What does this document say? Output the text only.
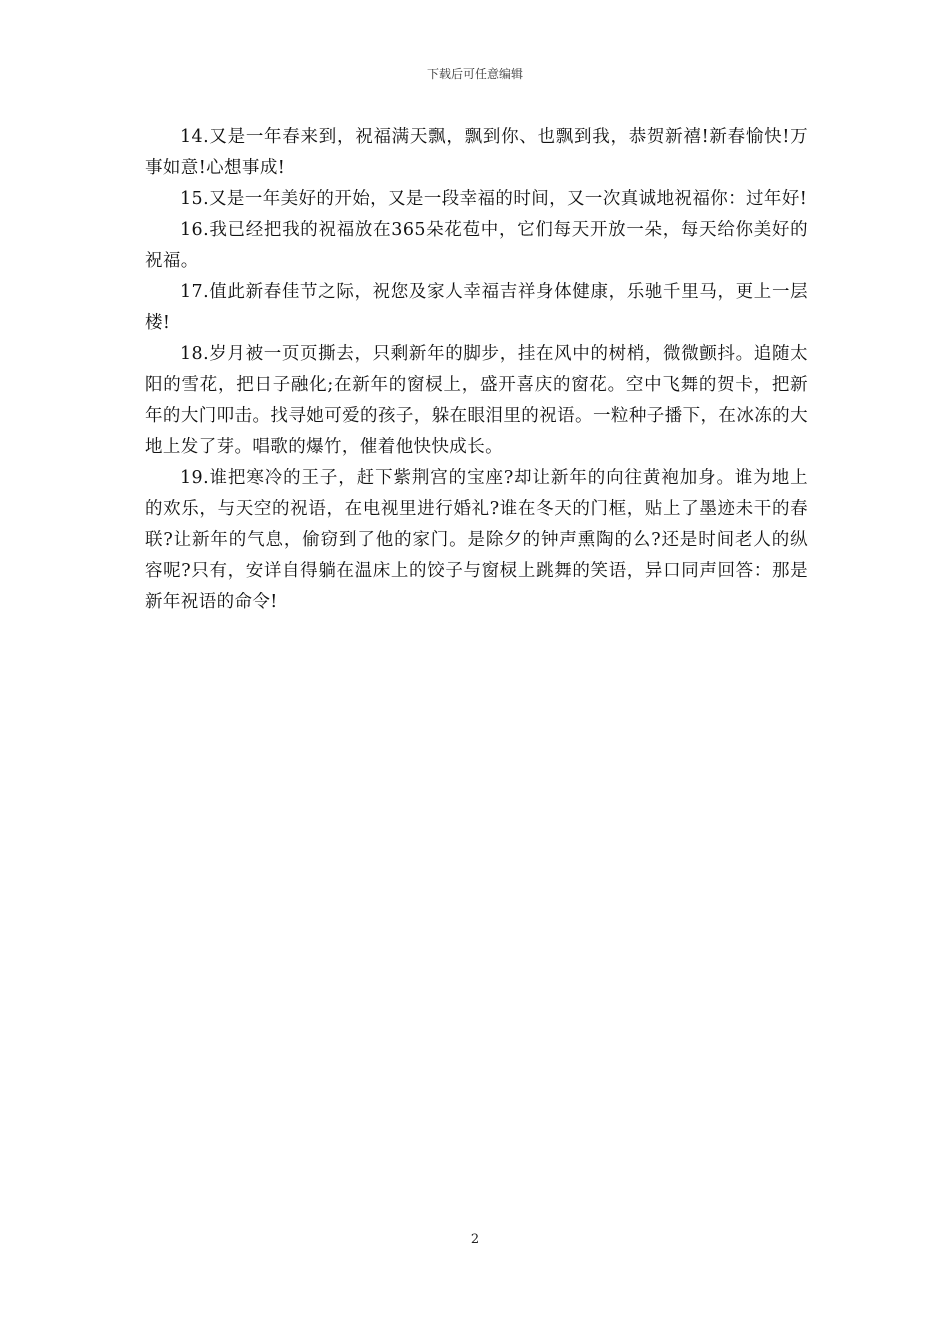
下载后可任意编辑

14.又是一年春来到，祝福满天飘，飘到你、也飘到我，恭贺新禧!新春愉快!万事如意!心想事成!

15.又是一年美好的开始，又是一段幸福的时间，又一次真诚地祝福你：过年好!

16.我已经把我的祝福放在365朵花苞中，它们每天开放一朵，每天给你美好的祝福。

17.值此新春佳节之际，祝您及家人幸福吉祥身体健康，乐驰千里马，更上一层楼!

18.岁月被一页页撕去，只剩新年的脚步，挂在风中的树梢，微微颤抖。追随太阳的雪花，把日子融化;在新年的窗棂上，盛开喜庆的窗花。空中飞舞的贺卡，把新年的大门叩击。找寻她可爱的孩子，躲在眼泪里的祝语。一粒种子播下，在冰冻的大地上发了芽。唱歌的爆竹，催着他快快成长。

19.谁把寒冷的王子，赶下紫荆宫的宝座?却让新年的向往黄袍加身。谁为地上的欢乐，与天空的祝语，在电视里进行婚礼?谁在冬天的门框，贴上了墨迹未干的春联?让新年的气息，偷窃到了他的家门。是除夕的钟声熏陶的么?还是时间老人的纵容呢?只有，安详自得躺在温床上的饺子与窗棂上跳舞的笑语，异口同声回答：那是新年祝语的命令!

2
